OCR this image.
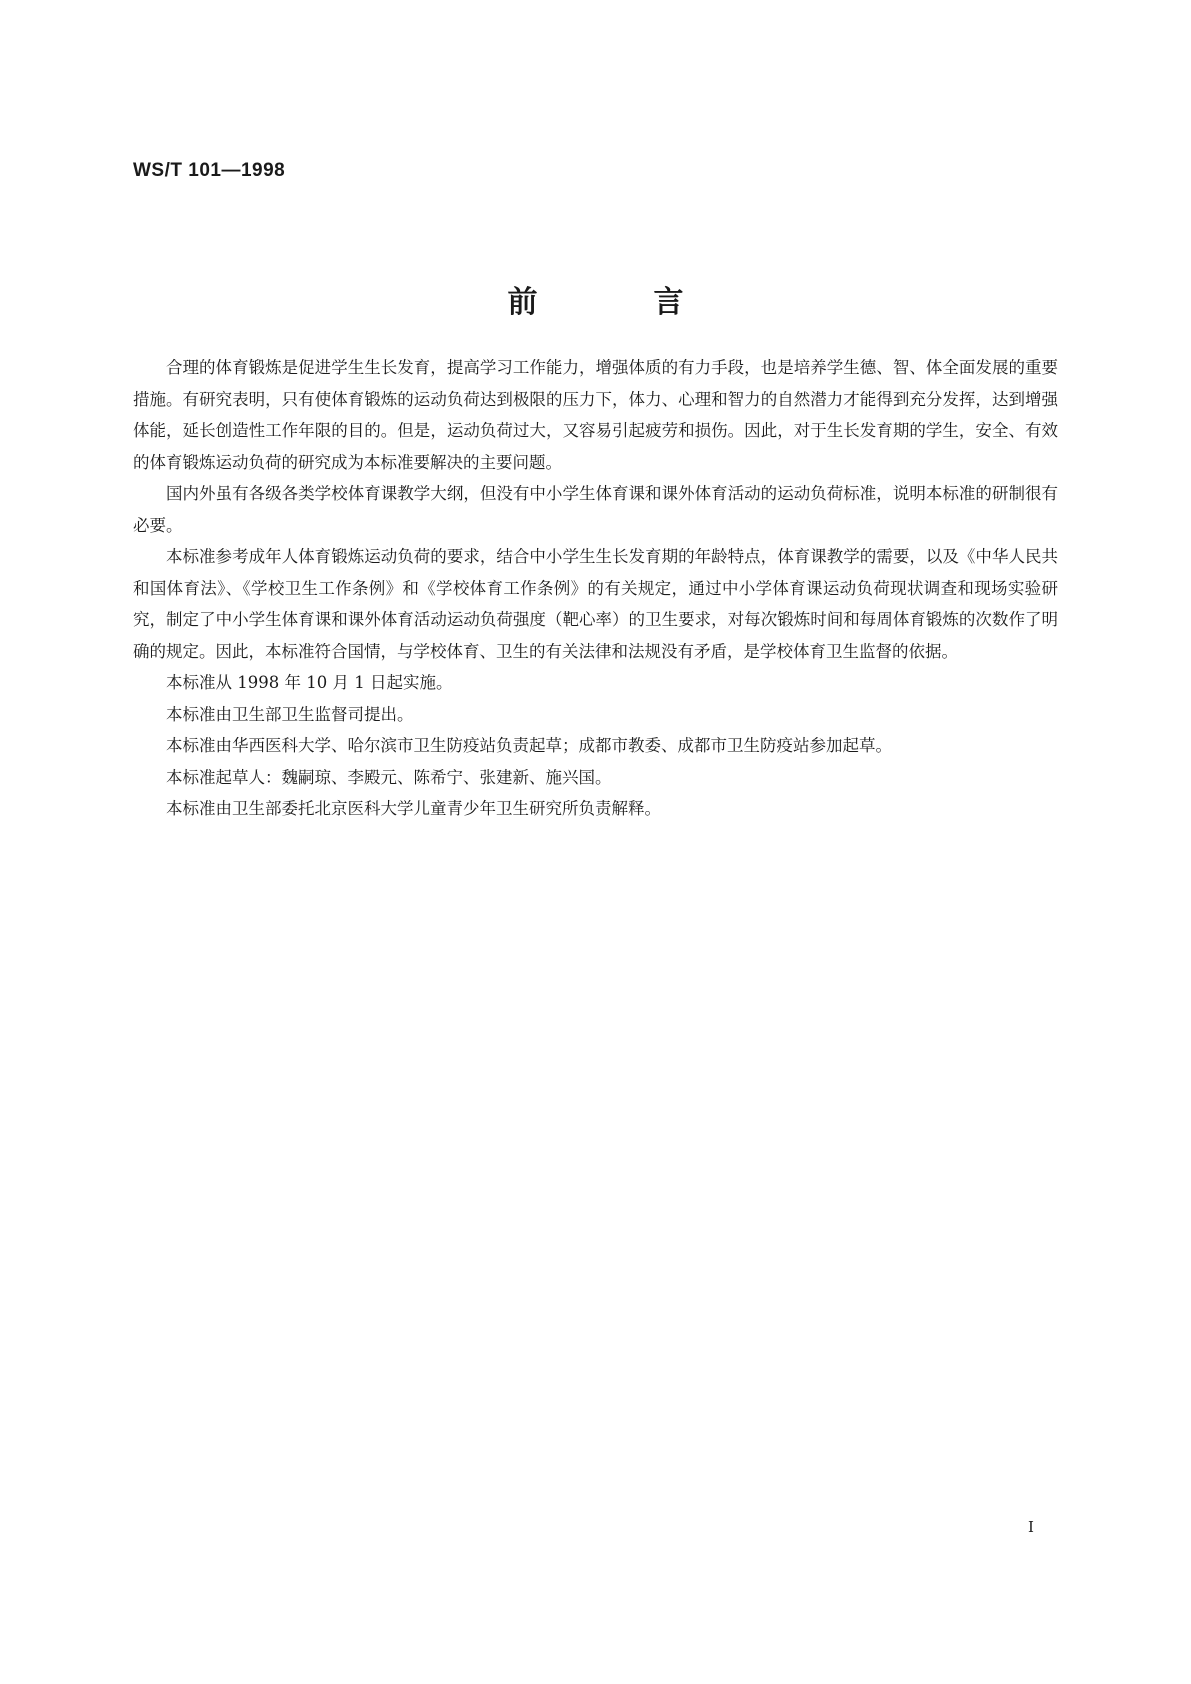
WS/T 101—1998
前	言

合理的体育锻炼是促进学生生长发育，提高学习工作能力，增强体质的有力手段，也是培养学生德、智、体全面发展的重要措施。有研究表明，只有使体育锻炼的运动负荷达到极限的压力下，体力、心理和智力的自然潜力才能得到充分发挥，达到增强体能，延长创造性工作年限的目的。但是，运动负荷过大，又容易引起疲劳和损伤。因此，对于生长发育期的学生，安全、有效的体育锻炼运动负荷的研究成为本标准要解决的主要问题。

国内外虽有各级各类学校体育课教学大纲，但没有中小学生体育课和课外体育活动的运动负荷标准，说明本标准的研制很有必要。

本标准参考成年人体育锻炼运动负荷的要求，结合中小学生生长发育期的年龄特点，体育课教学的需要，以及《中华人民共和国体育法》、《学校卫生工作条例》和《学校体育工作条例》的有关规定，通过中小学体育课运动负荷现状调查和现场实验研究，制定了中小学生体育课和课外体育活动运动负荷强度（靶心率）的卫生要求，对每次锻炼时间和每周体育锻炼的次数作了明确的规定。因此，本标准符合国情，与学校体育、卫生的有关法律和法规没有矛盾，是学校体育卫生监督的依据。

本标准从 1998 年 10 月 1 日起实施。

本标准由卫生部卫生监督司提出。

本标准由华西医科大学、哈尔滨市卫生防疫站负责起草；成都市教委、成都市卫生防疫站参加起草。

本标准起草人：魏嗣琼、李殿元、陈希宁、张建新、施兴国。

本标准由卫生部委托北京医科大学儿童青少年卫生研究所负责解释。

I
